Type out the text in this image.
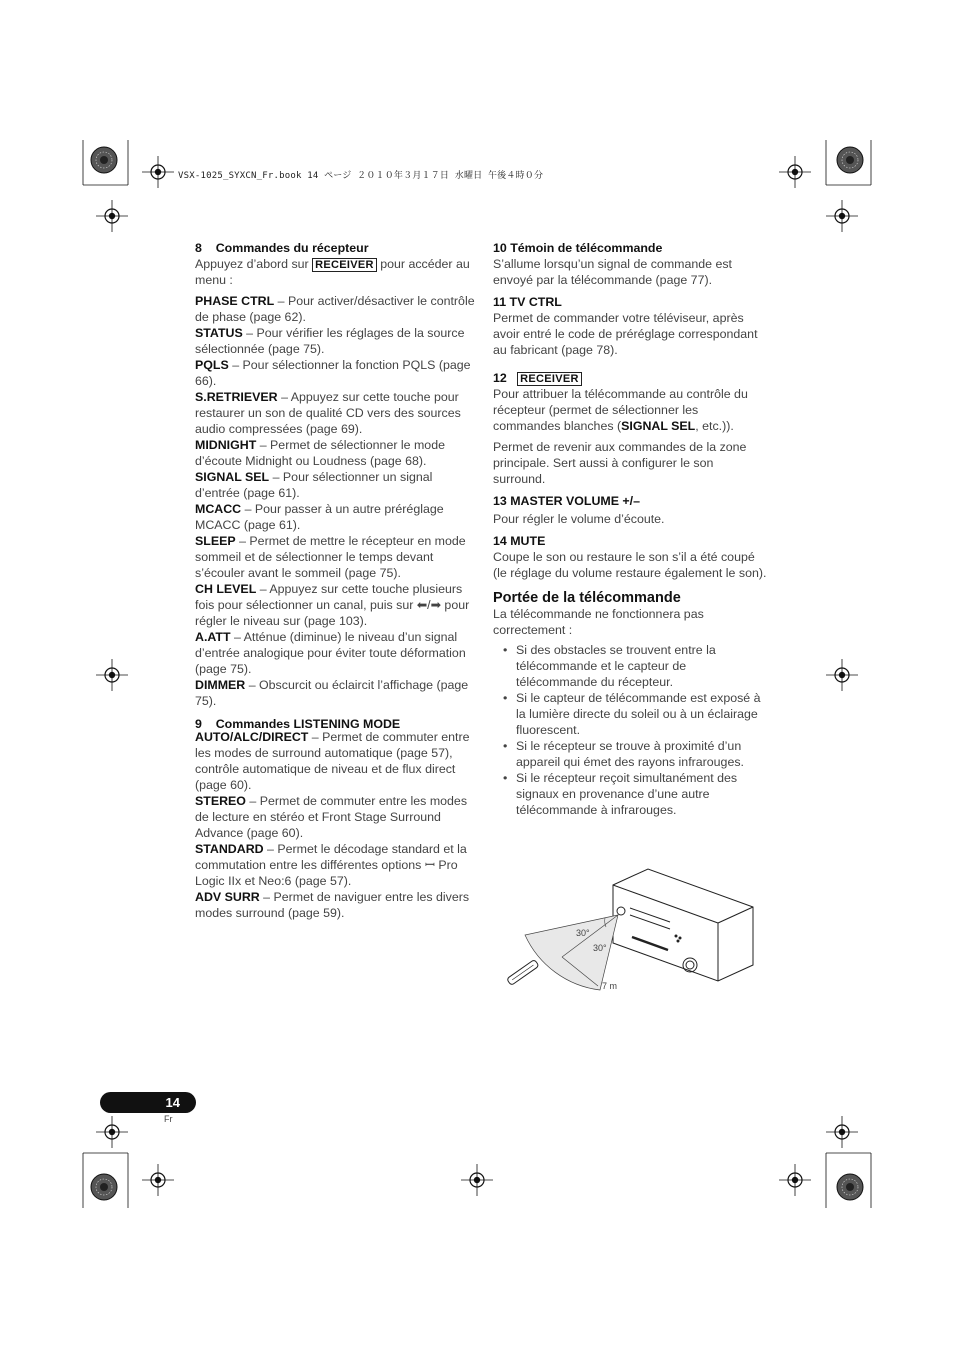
VSX-1025_SYXCN_Fr.book 14 ページ ２０１０年３月１７日 水曜日 午後４時０分

8 Commandes du récepteur

Appuyez d’abord sur RECEIVER pour accéder au menu :

PHASE CTRL – Pour activer/désactiver le contrôle de phase (page 62).

STATUS – Pour vérifier les réglages de la source sélectionnée (page 75).

PQLS – Pour sélectionner la fonction PQLS (page 66).

S.RETRIEVER – Appuyez sur cette touche pour restaurer un son de qualité CD vers des sources audio compressées (page 69).

MIDNIGHT – Permet de sélectionner le mode d’écoute Midnight ou Loudness (page 68).

SIGNAL SEL – Pour sélectionner un signal d’entrée (page 61).

MCACC – Pour passer à un autre préréglage MCACC (page 61).

SLEEP – Permet de mettre le récepteur en mode sommeil et de sélectionner le temps devant s’écouler avant le sommeil (page 75).

CH LEVEL – Appuyez sur cette touche plusieurs fois pour sélectionner un canal, puis sur ⬅/➡ pour régler le niveau sur (page 103).

A.ATT – Atténue (diminue) le niveau d’un signal d’entrée analogique pour éviter toute déformation (page 75).

DIMMER – Obscurcit ou éclaircit l’affichage (page 75).

9 Commandes LISTENING MODE

AUTO/ALC/DIRECT – Permet de commuter entre les modes de surround automatique (page 57), contrôle automatique de niveau et de flux direct (page 60).

STEREO – Permet de commuter entre les modes de lecture en stéréo et Front Stage Surround Advance (page 60).

STANDARD – Permet le décodage standard et la commutation entre les différentes options ꟷ Pro Logic IIx et Neo:6 (page 57).

ADV SURR – Permet de naviguer entre les divers modes surround (page 59).

10 Témoin de télécommande

S’allume lorsqu’un signal de commande est envoyé par la télécommande (page 77).

11 TV CTRL

Permet de commander votre téléviseur, après avoir entré le code de préréglage correspondant au fabricant (page 78).

12 RECEIVER

Pour attribuer la télécommande au contrôle du récepteur (permet de sélectionner les commandes blanches (SIGNAL SEL, etc.)).

Permet de revenir aux commandes de la zone principale. Sert aussi à configurer le son surround.

13 MASTER VOLUME +/–

Pour régler le volume d’écoute.

14 MUTE

Coupe le son ou restaure le son s’il a été coupé (le réglage du volume restaure également le son).

Portée de la télécommande

La télécommande ne fonctionnera pas correctement :

• Si des obstacles se trouvent entre la télécommande et le capteur de télécommande du récepteur.

• Si le capteur de télécommande est exposé à la lumière directe du soleil ou à un éclairage fluorescent.

• Si le récepteur se trouve à proximité d’un appareil qui émet des rayons infrarouges.

• Si le récepteur reçoit simultanément des signaux en provenance d’une autre télécommande à infrarouges.

30°
30°
7 m
14
Fr
